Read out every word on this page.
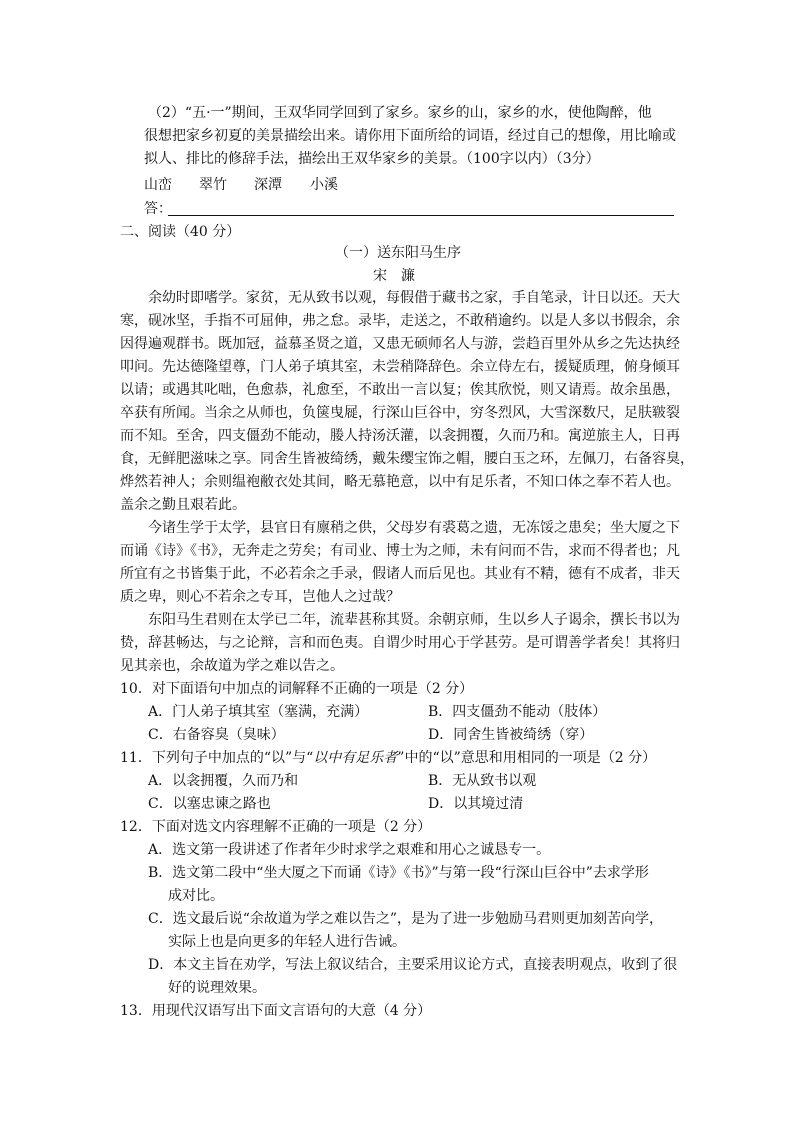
（2）“五·一”期间，王双华同学回到了家乡。家乡的山，家乡的水，使他陶醉，他
很想把家乡初夏的美景描绘出来。请你用下面所给的词语，经过自己的想像，用比喻或
拟人、排比的修辞手法，描绘出王双华家乡的美景。（100字以内）（3分）
山峦 翠竹 深潭 小溪
答：
二、阅读（40 分）
（一）送东阳马生序
宋　濂
余幼时即嗜学。家贫，无从致书以观，每假借于藏书之家，手自笔录，计日以还。天大
寒，砚冰坚，手指不可屈伸，弗之怠。录毕，走送之，不敢稍逾约。以是人多以书假余，余
因得遍观群书。既加冠，益慕圣贤之道，又患无硕师名人与游，尝趋百里外从乡之先达执经
叩问。先达德隆望尊，门人弟子填其室，未尝稍降辞色。余立侍左右，援疑质理，俯身倾耳
以请；或遇其叱咄，色愈恭，礼愈至，不敢出一言以复；俟其欣悦，则又请焉。故余虽愚，
卒获有所闻。当余之从师也，负箧曳屣，行深山巨谷中，穷冬烈风，大雪深数尺，足肤皲裂
而不知。至舍，四支僵劲不能动，媵人持汤沃灌，以衾拥覆，久而乃和。寓逆旅主人，日再
食，无鲜肥滋味之享。同舍生皆被绮绣，戴朱缨宝饰之帽，腰白玉之环，左佩刀，右备容臭，
烨然若神人；余则缊袍敝衣处其间，略无慕艳意，以中有足乐者，不知口体之奉不若人也。
盖余之勤且艰若此。
今诸生学于太学，县官日有廪稍之供，父母岁有裘葛之遗，无冻馁之患矣；坐大厦之下
而诵《诗》《书》，无奔走之劳矣；有司业、博士为之师，未有问而不告，求而不得者也；凡
所宜有之书皆集于此，不必若余之手录，假诸人而后见也。其业有不精，德有不成者，非天
质之卑，则心不若余之专耳，岂他人之过哉？
东阳马生君则在太学已二年，流辈甚称其贤。余朝京师，生以乡人子谒余，撰长书以为
贽，辞甚畅达，与之论辩，言和而色夷。自谓少时用心于学甚劳。是可谓善学者矣！其将归
见其亲也，余故道为学之难以告之。
10．对下面语句中加点的词解释不正确的一项是（2 分）
A．门人弟子填其室（塞满，充满）	B．四支僵劲不能动（肢体）
C．右备容臭（臭味）	D．同舍生皆被绮绣（穿）
11．下列句子中加点的“以”与“以中有足乐者”中的“以”意思和用相同的一项是（2 分）
A．以衾拥覆，久而乃和	B．无从致书以观
C．以塞忠谏之路也	D．以其境过清
12．下面对选文内容理解不正确的一项是（2 分）
A．选文第一段讲述了作者年少时求学之艰难和用心之诚恳专一。
B．选文第二段中“坐大厦之下而诵《诗》《书》”与第一段“行深山巨谷中”去求学形
成对比。
C．选文最后说“余故道为学之难以告之”，是为了进一步勉励马君则更加刻苦向学，
实际上也是向更多的年轻人进行告诫。
D．本文主旨在劝学，写法上叙议结合，主要采用议论方式，直接表明观点，收到了很
好的说理效果。
13．用现代汉语写出下面文言语句的大意（4 分）
